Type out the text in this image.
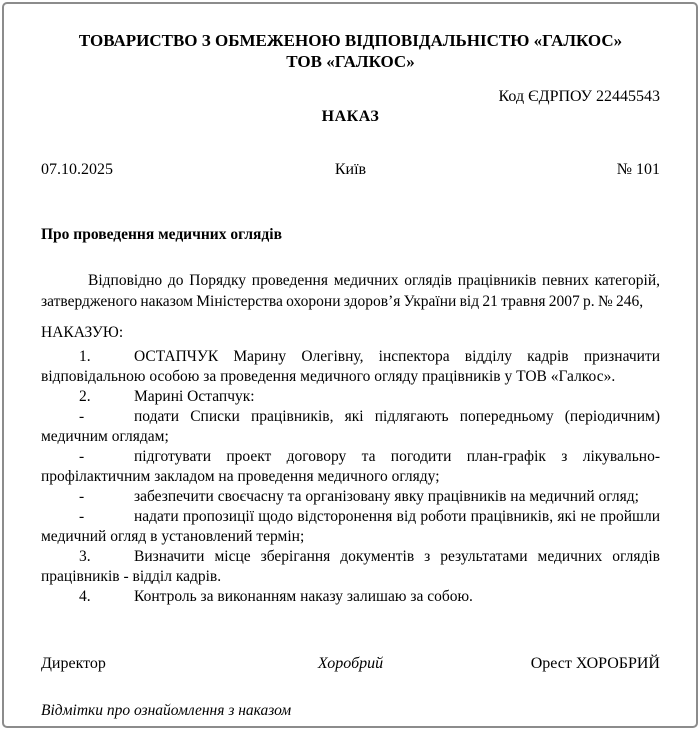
ТОВАРИСТВО З ОБМЕЖЕНОЮ ВІДПОВІДАЛЬНІСТЮ «ГАЛКОС»
ТОВ «ГАЛКОС»
Код ЄДРПОУ 22445543
НАКАЗ
07.10.2025	Київ	№ 101
Про проведення медичних оглядів

Відповідно до Порядку проведення медичних оглядів працівників певних категорій, затвердженого наказом Міністерства охорони здоров’я України від 21 травня 2007 р. № 246,

НАКАЗУЮ:

1.	ОСТАПЧУК Марину Олегівну, інспектора відділу кадрів призначити відповідальною особою за проведення медичного огляду працівників у ТОВ «Галкос».

2.	Марині Остапчук:

-	подати Списки працівників, які підлягають попередньому (періодичним) медичним оглядам;

-	підготувати проект договору та погодити план-графік з лікувально-профілактичним закладом на проведення медичного огляду;

-	забезпечити своєчасну та організовану явку працівників на медичний огляд;

-	надати пропозиції щодо відсторонення від роботи працівників, які не пройшли медичний огляд в установлений термін;

3.	Визначити місце зберігання документів з результатами медичних оглядів працівників - відділ кадрів.

4.	Контроль за виконанням наказу залишаю за собою.

Директор	Хоробрий	Орест ХОРОБРИЙ
Відмітки про ознайомлення з наказом
